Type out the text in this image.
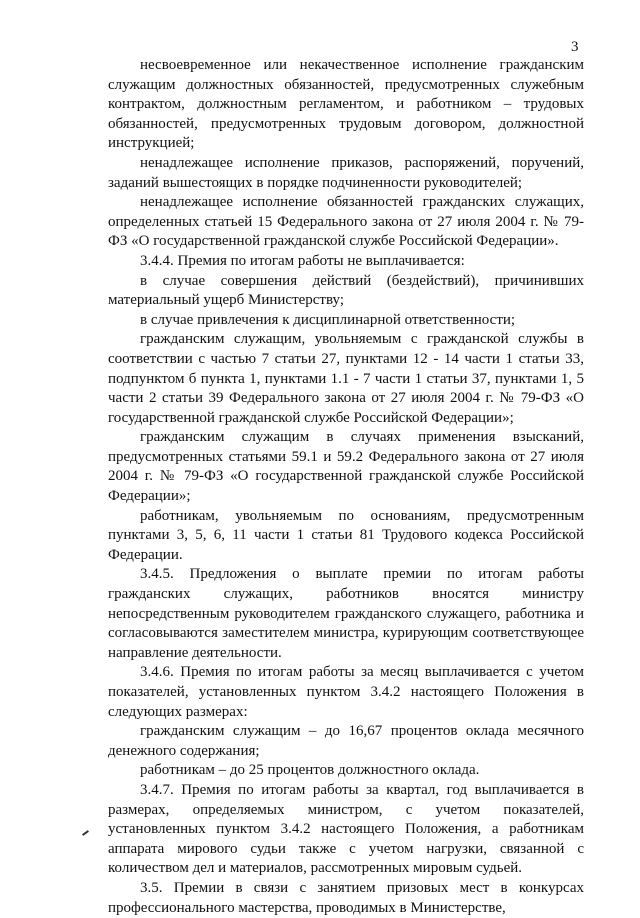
3

несвоевременное или некачественное исполнение гражданским служащим должностных обязанностей, предусмотренных служебным контрактом, должностным регламентом, и работником – трудовых обязанностей, предусмотренных трудовым договором, должностной инструкцией;

ненадлежащее исполнение приказов, распоряжений, поручений, заданий вышестоящих в порядке подчиненности руководителей;

ненадлежащее исполнение обязанностей гражданских служащих, определенных статьей 15 Федерального закона от 27 июля 2004 г. № 79-ФЗ «О государственной гражданской службе Российской Федерации».

3.4.4. Премия по итогам работы не выплачивается:

в случае совершения действий (бездействий), причинивших материальный ущерб Министерству;

в случае привлечения к дисциплинарной ответственности;

гражданским служащим, увольняемым с гражданской службы в соответствии с частью 7 статьи 27, пунктами 12 - 14 части 1 статьи 33, подпунктом б пункта 1, пунктами 1.1 - 7 части 1 статьи 37, пунктами 1, 5 части 2 статьи 39 Федерального закона от 27 июля 2004 г. № 79-ФЗ «О государственной гражданской службе Российской Федерации»;

гражданским служащим в случаях применения взысканий, предусмотренных статьями 59.1 и 59.2 Федерального закона от 27 июля 2004 г. № 79-ФЗ «О государственной гражданской службе Российской Федерации»;

работникам, увольняемым по основаниям, предусмотренным пунктами 3, 5, 6, 11 части 1 статьи 81 Трудового кодекса Российской Федерации.

3.4.5. Предложения о выплате премии по итогам работы гражданских служащих, работников вносятся министру непосредственным руководителем гражданского служащего, работника и согласовываются заместителем министра, курирующим соответствующее направление деятельности.

3.4.6. Премия по итогам работы за месяц выплачивается с учетом показателей, установленных пунктом 3.4.2 настоящего Положения в следующих размерах:

гражданским служащим – до 16,67 процентов оклада месячного денежного содержания;

работникам – до 25 процентов должностного оклада.

3.4.7. Премия по итогам работы за квартал, год выплачивается в размерах, определяемых министром, с учетом показателей, установленных пунктом 3.4.2 настоящего Положения, а работникам аппарата мирового судьи также с учетом нагрузки, связанной с количеством дел и материалов, рассмотренных мировым судьей.

3.5. Премии в связи с занятием призовых мест в конкурсах профессионального мастерства, проводимых в Министерстве,
